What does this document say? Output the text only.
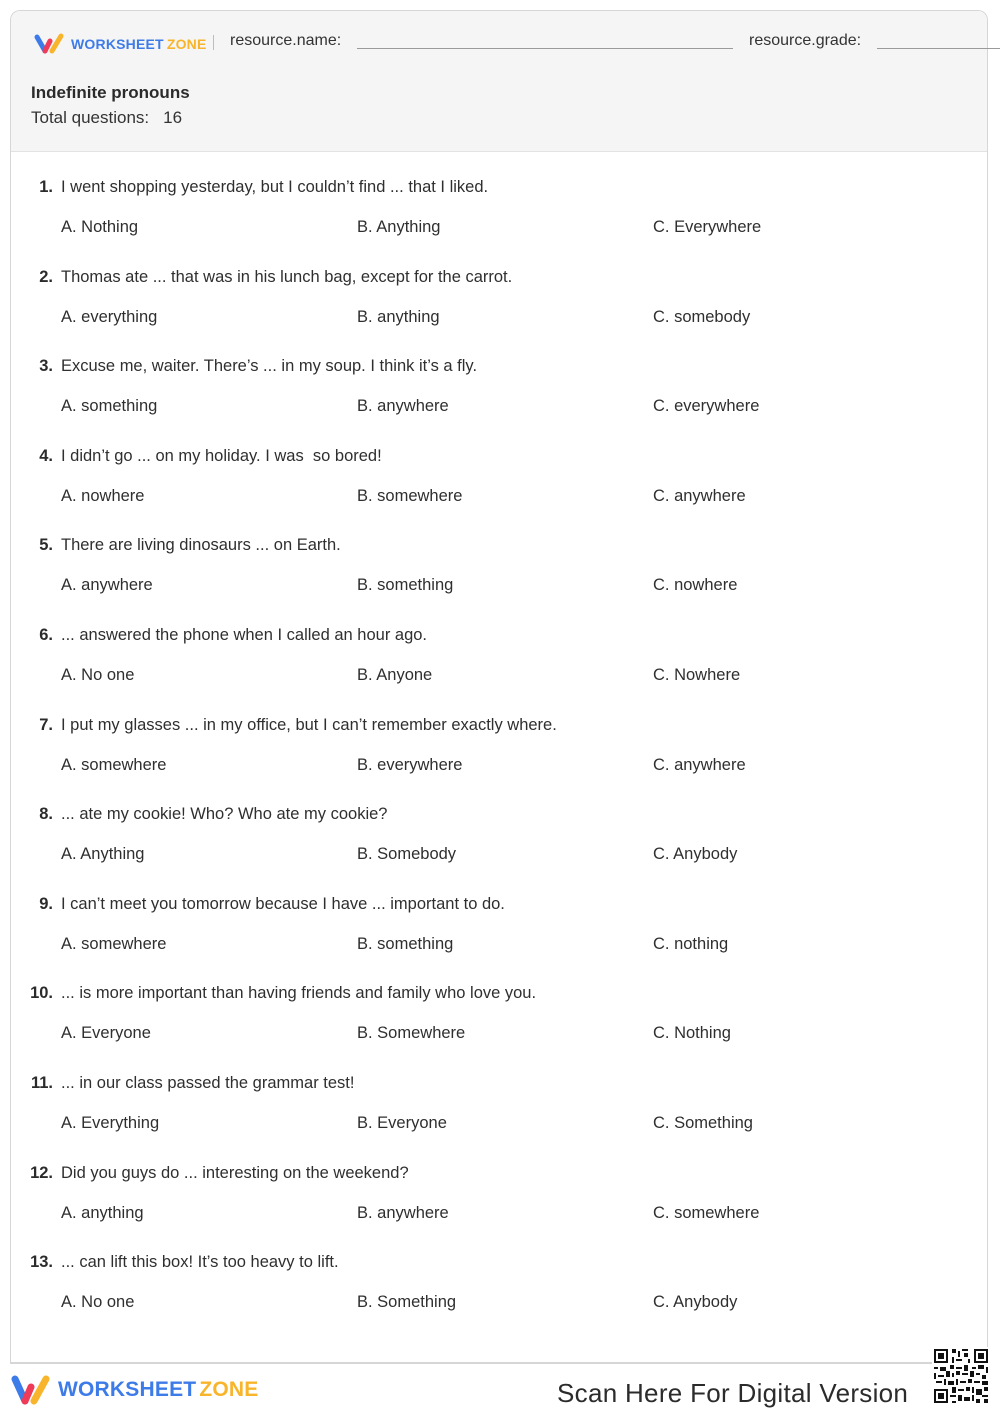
WORKSHEET ZONE resource.name:	resource.grade:
Indefinite pronouns
Total questions: 16
1. I went shopping yesterday, but I couldn’t find ... that I liked.
A. Nothing	B. Anything	C. Everywhere
2. Thomas ate ... that was in his lunch bag, except for the carrot.
A. everything	B. anything	C. somebody
3. Excuse me, waiter. There’s ... in my soup. I think it’s a fly.
A. something	B. anywhere	C. everywhere
4. I didn’t go ... on my holiday. I was  so bored!
A. nowhere	B. somewhere	C. anywhere
5. There are living dinosaurs ... on Earth.
A. anywhere	B. something	C. nowhere
6. ... answered the phone when I called an hour ago.
A. No one	B. Anyone	C. Nowhere
7. I put my glasses ... in my office, but I can’t remember exactly where.
A. somewhere	B. everywhere	C. anywhere
8. ... ate my cookie! Who? Who ate my cookie?
A. Anything	B. Somebody	C. Anybody
9. I can’t meet you tomorrow because I have ... important to do.
A. somewhere	B. something	C. nothing
10. ... is more important than having friends and family who love you.
A. Everyone	B. Somewhere	C. Nothing
11. ... in our class passed the grammar test!
A. Everything	B. Everyone	C. Something
12. Did you guys do ... interesting on the weekend?
A. anything	B. anywhere	C. somewhere
13. ... can lift this box! It’s too heavy to lift.
A. No one	B. Something	C. Anybody
WORKSHEET ZONE	Scan Here For Digital Version
